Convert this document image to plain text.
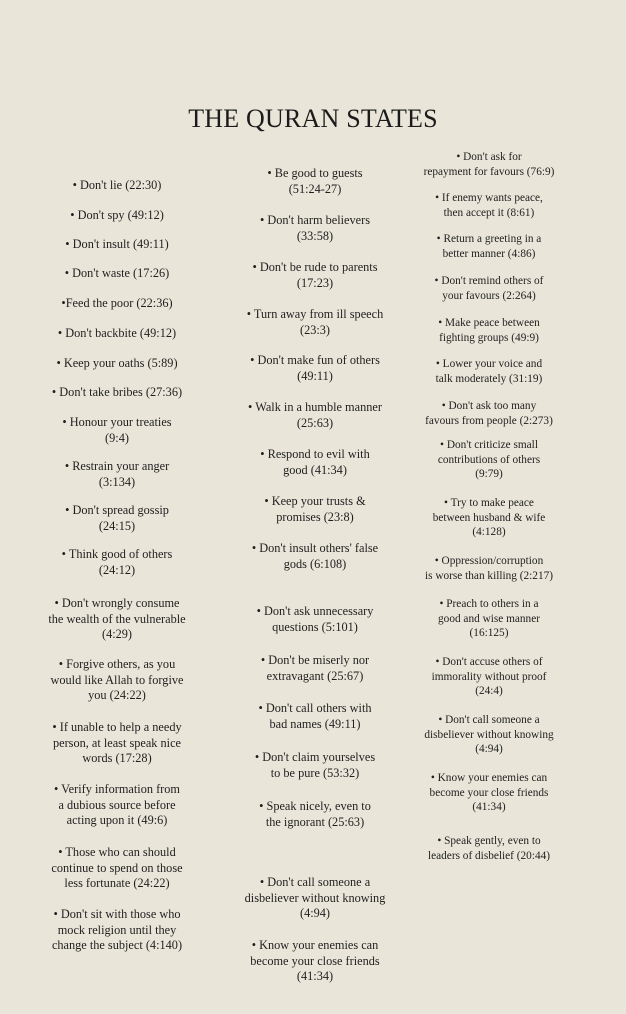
THE QURAN STATES
• Don't lie (22:30)
• Don't spy (49:12)
• Don't insult (49:11)
• Don't waste (17:26)
•Feed the poor (22:36)
• Don't backbite (49:12)
• Keep your oaths (5:89)
• Don't take bribes (27:36)
• Honour your treaties
(9:4)
• Restrain your anger
(3:134)
• Don't spread gossip
(24:15)
• Think good of others
(24:12)
• Don't wrongly consume
the wealth of the vulnerable
(4:29)
• Forgive others, as you
would like Allah to forgive
you (24:22)
• If unable to help a needy
person, at least speak nice
words (17:28)
• Verify information from
a dubious source before
acting upon it (49:6)
• Those who can should
continue to spend on those
less fortunate (24:22)
• Don't sit with those who
mock religion until they
change the subject (4:140)
• Be good to guests
(51:24-27)
• Don't harm believers
(33:58)
• Don't be rude to parents
(17:23)
• Turn away from ill speech
(23:3)
• Don't make fun of others
(49:11)
• Walk in a humble manner
(25:63)
• Respond to evil with
good (41:34)
• Keep your trusts &
promises (23:8)
• Don't insult others' false
gods (6:108)
• Don't ask unnecessary
questions (5:101)
• Don't be miserly nor
extravagant (25:67)
• Don't call others with
bad names (49:11)
• Don't claim yourselves
to be pure (53:32)
• Speak nicely, even to
the ignorant (25:63)
• Don't call someone a
disbeliever without knowing
(4:94)
• Know your enemies can
become your close friends
(41:34)
• Don't ask for
repayment for favours (76:9)
• If enemy wants peace,
then accept it (8:61)
• Return a greeting in a
better manner (4:86)
• Don't remind others of
your favours (2:264)
• Make peace between
fighting groups (49:9)
• Lower your voice and
talk moderately (31:19)
• Don't ask too many
favours from people (2:273)
• Don't criticize small
contributions of others
(9:79)
• Try to make peace
between husband & wife
(4:128)
• Oppression/corruption
is worse than killing (2:217)
• Preach to others in a
good and wise manner
(16:125)
• Don't accuse others of
immorality without proof
(24:4)
• Don't call someone a
disbeliever without knowing
(4:94)
• Know your enemies can
become your close friends
(41:34)
• Speak gently, even to
leaders of disbelief (20:44)
